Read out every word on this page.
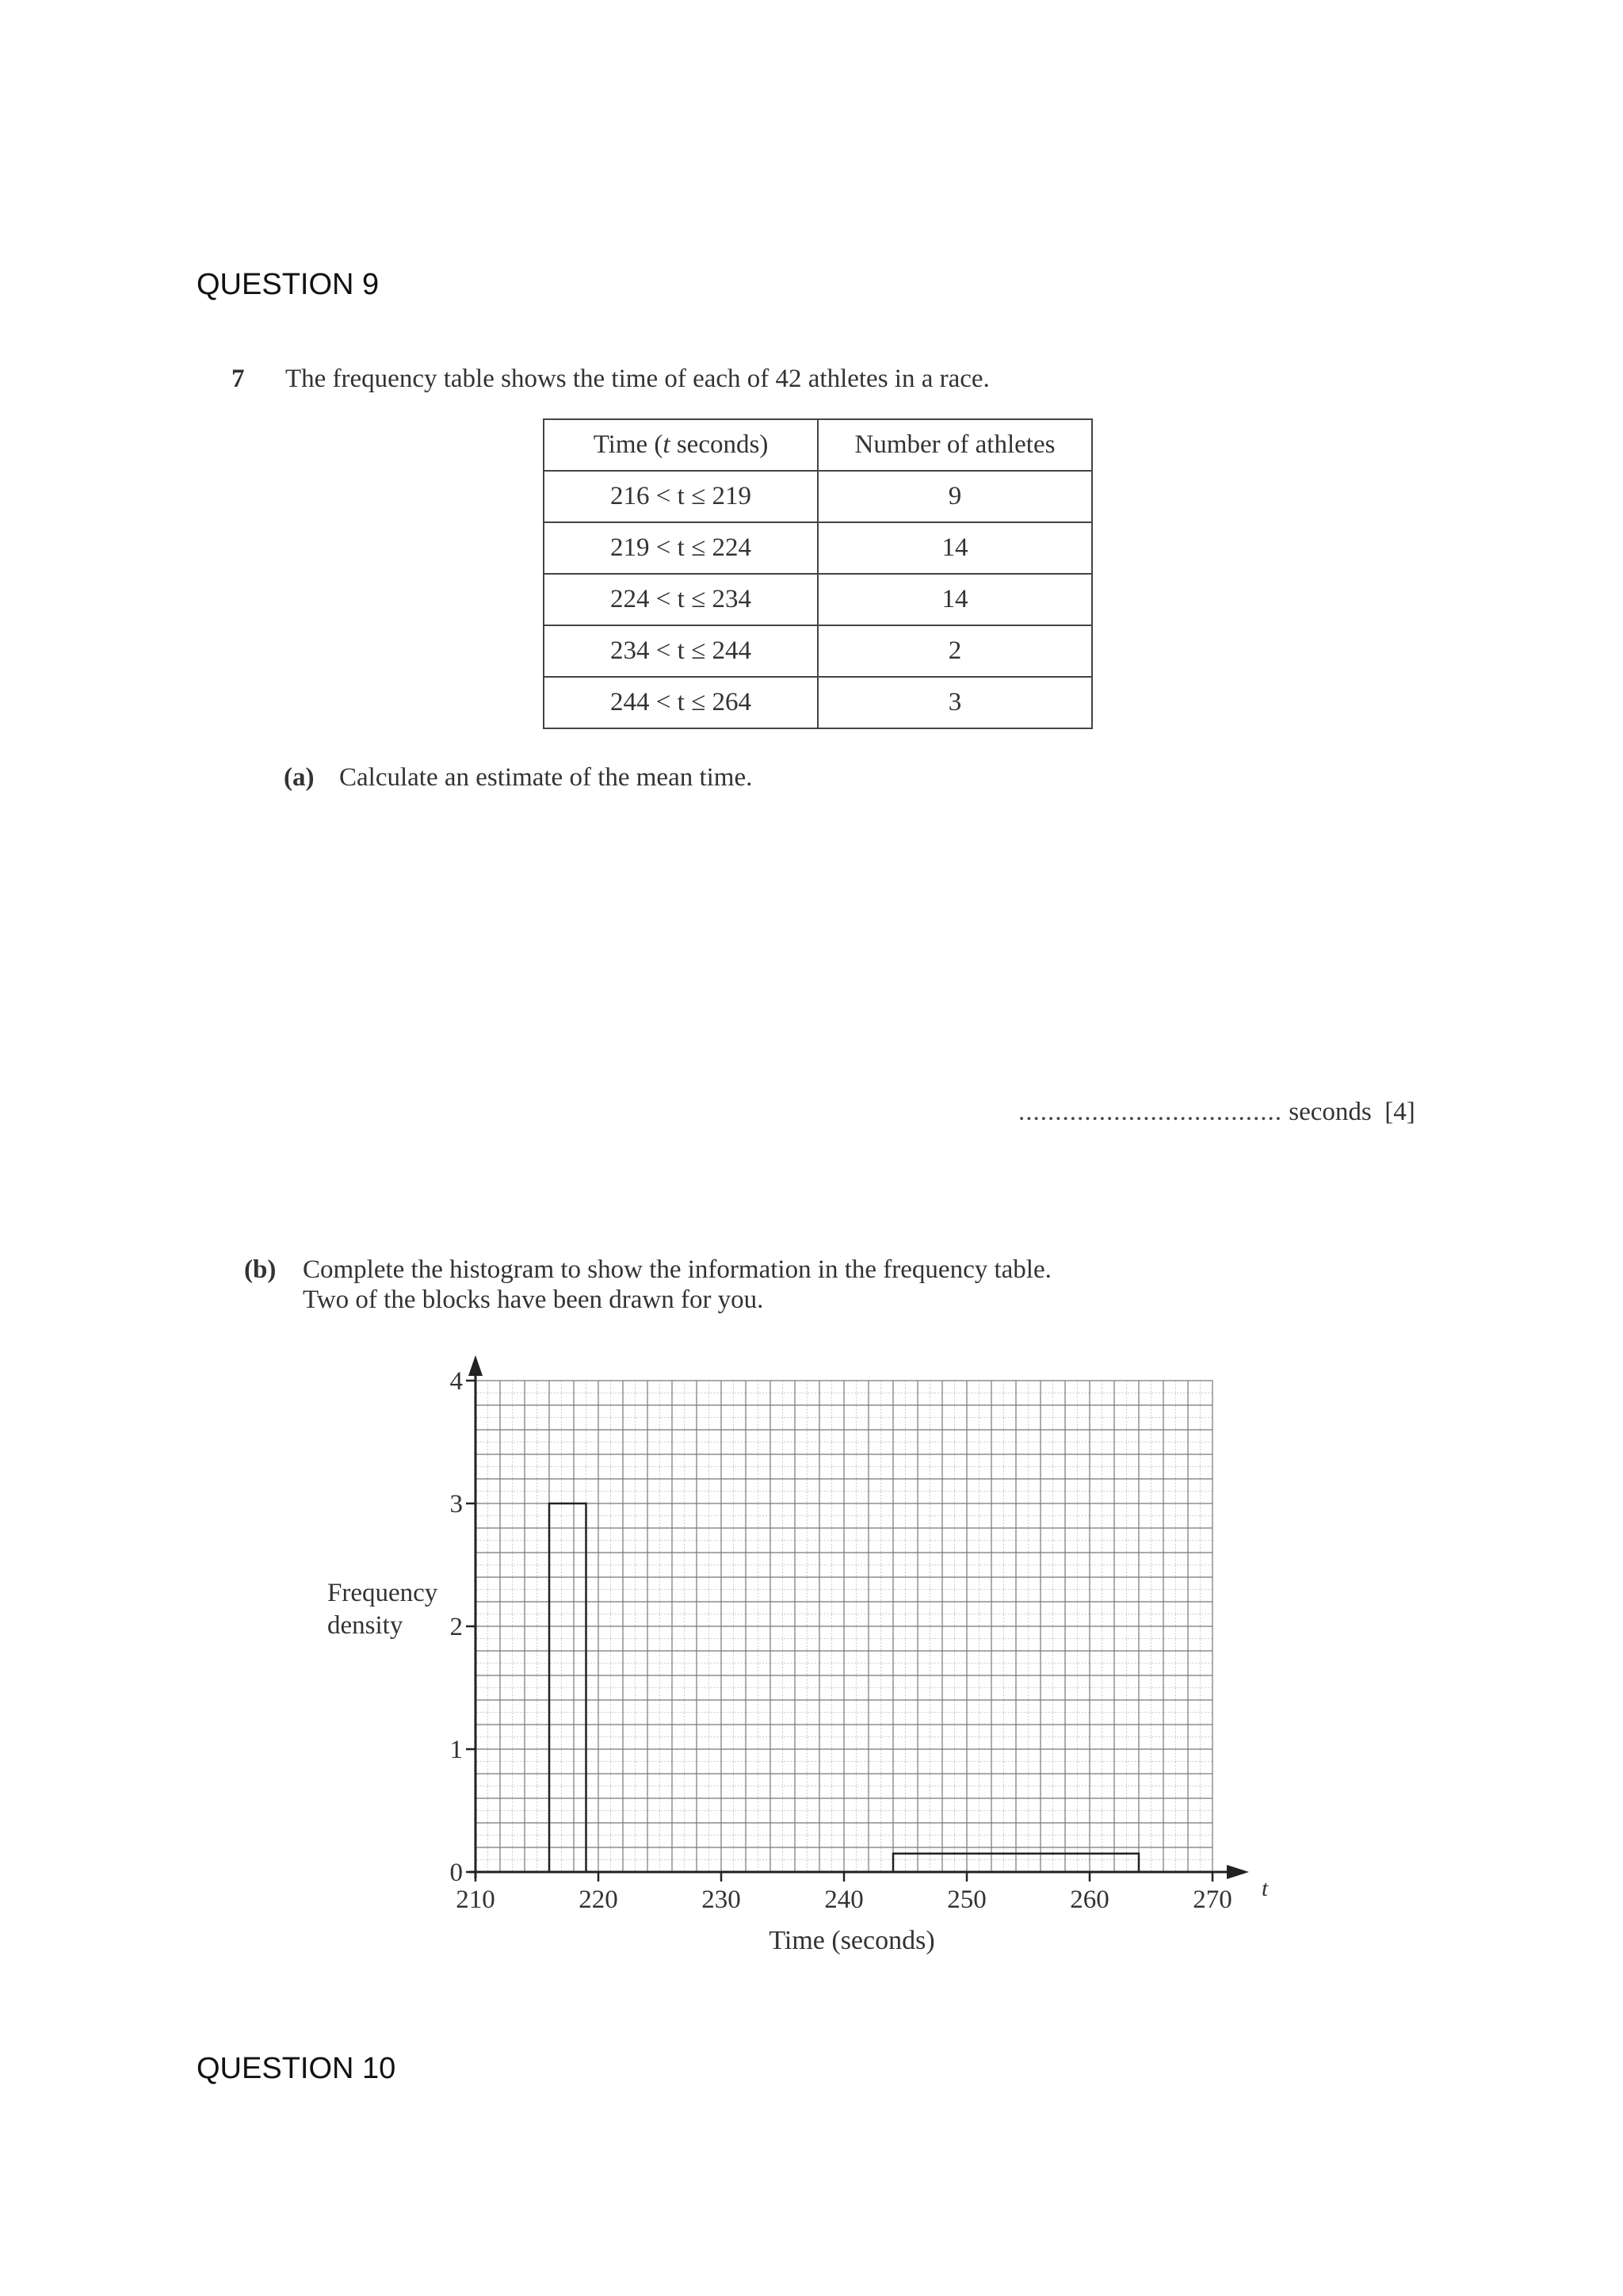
QUESTION 9
QUESTION 10
7 The frequency table shows the time of each of 42 athletes in a race.
Time (t seconds)	Number of athletes
216 < t ≤ 219	9
219 < t ≤ 224	14
224 < t ≤ 234	14
234 < t ≤ 244	2
244 < t ≤ 264	3
(a) Calculate an estimate of the mean time.
.................................... seconds [4]
(b) Complete the histogram to show the information in the frequency table.
Two of the blocks have been drawn for you.
210	220	230	240	250	260	270
0
1
2
3
4
Time (seconds)
t
Frequency
density
